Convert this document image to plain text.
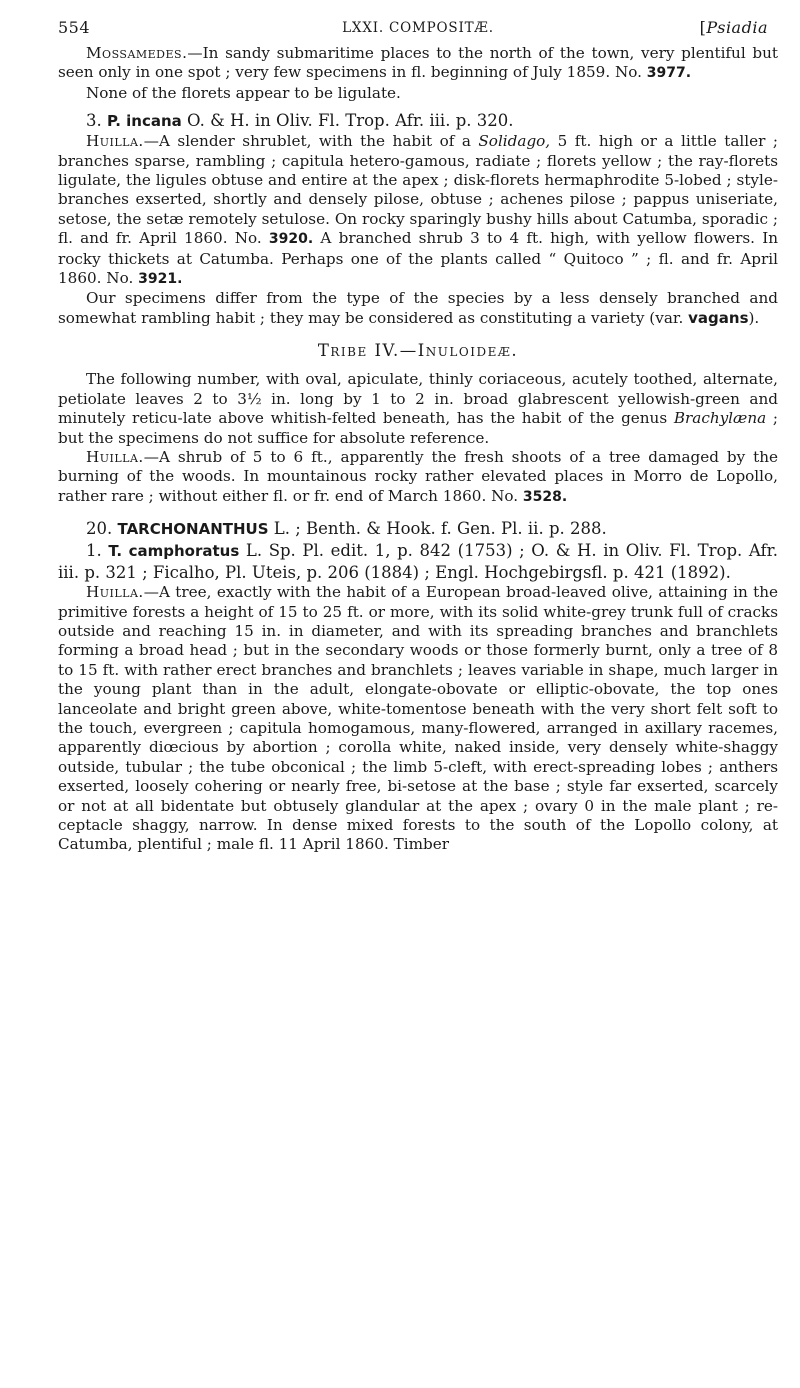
554	LXXI. COMPOSITÆ.	[Psiadia

Mossamedes.—In sandy submaritime places to the north of the town, very plentiful but seen only in one spot ; very few specimens in fl. beginning of July 1859. No. 3977.

None of the florets appear to be ligulate.

3. P. incana O. & H. in Oliv. Fl. Trop. Afr. iii. p. 320.

Huilla.—A slender shrublet, with the habit of a Solidago, 5 ft. high or a little taller ; branches sparse, rambling ; capitula hetero-gamous, radiate ; florets yellow ; the ray-florets ligulate, the ligules obtuse and entire at the apex ; disk-florets hermaphrodite 5-lobed ; style-branches exserted, shortly and densely pilose, obtuse ; achenes pilose ; pappus uniseriate, setose, the setæ remotely setulose. On rocky sparingly bushy hills about Catumba, sporadic ; fl. and fr. April 1860. No. 3920. A branched shrub 3 to 4 ft. high, with yellow flowers. In rocky thickets at Catumba. Perhaps one of the plants called “ Quitoco ” ; fl. and fr. April 1860. No. 3921.

Our specimens differ from the type of the species by a less densely branched and somewhat rambling habit ; they may be considered as constituting a variety (var. vagans).

Tribe IV.—Inuloideæ.

The following number, with oval, apiculate, thinly coriaceous, acutely toothed, alternate, petiolate leaves 2 to 3½ in. long by 1 to 2 in. broad glabrescent yellowish-green and minutely reticu-late above whitish-felted beneath, has the habit of the genus Brachylæna ; but the specimens do not suffice for absolute reference.

Huilla.—A shrub of 5 to 6 ft., apparently the fresh shoots of a tree damaged by the burning of the woods. In mountainous rocky rather elevated places in Morro de Lopollo, rather rare ; without either fl. or fr. end of March 1860. No. 3528.

20. TARCHONANTHUS L. ; Benth. & Hook. f. Gen. Pl. ii. p. 288.

1. T. camphoratus L. Sp. Pl. edit. 1, p. 842 (1753) ; O. & H. in Oliv. Fl. Trop. Afr. iii. p. 321 ; Ficalho, Pl. Uteis, p. 206 (1884) ; Engl. Hochgebirgsfl. p. 421 (1892).

Huilla.—A tree, exactly with the habit of a European broad-leaved olive, attaining in the primitive forests a height of 15 to 25 ft. or more, with its solid white-grey trunk full of cracks outside and reaching 15 in. in diameter, and with its spreading branches and branchlets forming a broad head ; but in the secondary woods or those formerly burnt, only a tree of 8 to 15 ft. with rather erect branches and branchlets ; leaves variable in shape, much larger in the young plant than in the adult, elongate-obovate or elliptic-obovate, the top ones lanceolate and bright green above, white-tomentose beneath with the very short felt soft to the touch, evergreen ; capitula homogamous, many-flowered, arranged in axillary racemes, apparently diœcious by abortion ; corolla white, naked inside, very densely white-shaggy outside, tubular ; the tube obconical ; the limb 5-cleft, with erect-spreading lobes ; anthers exserted, loosely cohering or nearly free, bi-setose at the base ; style far exserted, scarcely or not at all bidentate but obtusely glandular at the apex ; ovary 0 in the male plant ; re-ceptacle shaggy, narrow. In dense mixed forests to the south of the Lopollo colony, at Catumba, plentiful ; male fl. 11 April 1860. Timber
